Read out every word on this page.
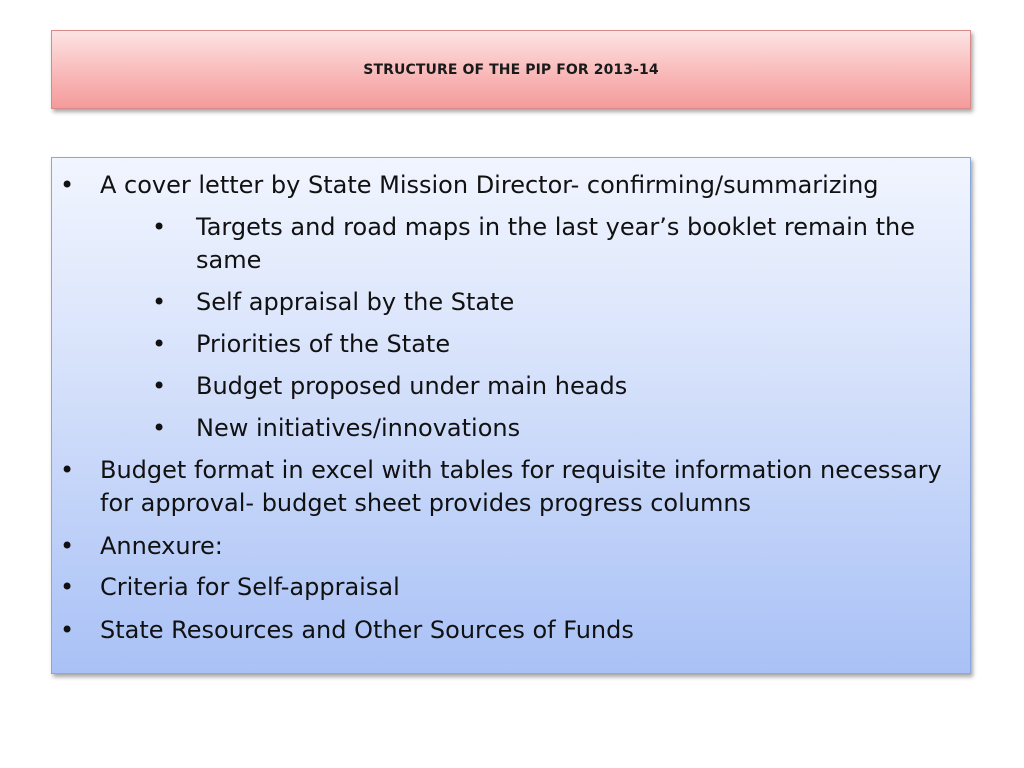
STRUCTURE OF THE PIP FOR 2013-14
• A cover letter by State Mission Director- confirming/summarizing
• Targets and road maps in the last year’s booklet remain the same
• Self appraisal by the State
• Priorities of the State
• Budget proposed under main heads
• New initiatives/innovations
• Budget format in excel with tables for requisite information necessary for approval- budget sheet provides progress columns
• Annexure:
• Criteria for Self-appraisal
• State Resources and Other Sources of Funds
